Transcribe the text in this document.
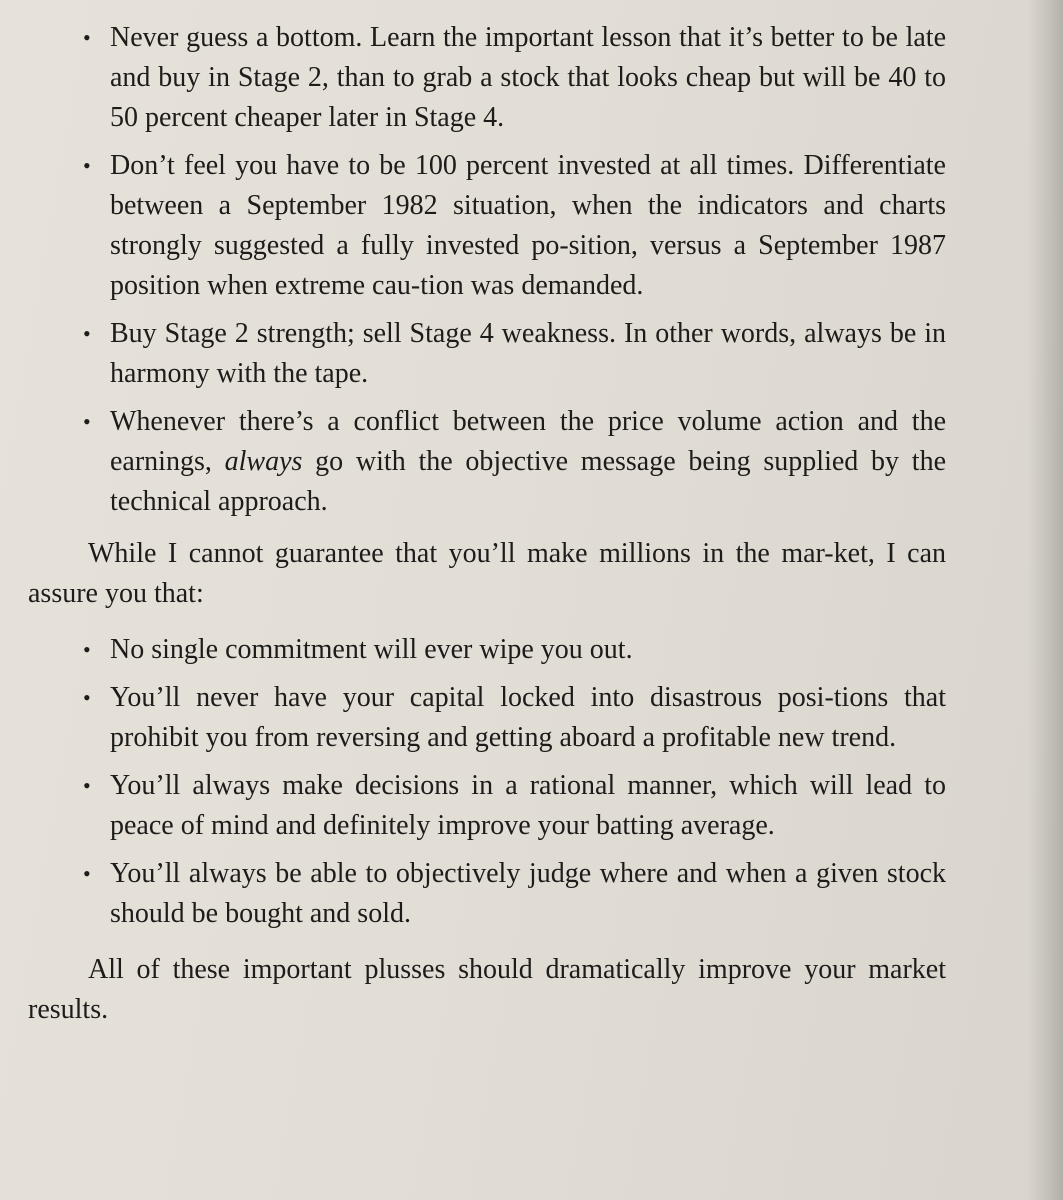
• Never guess a bottom. Learn the important lesson that it’s better to be late and buy in Stage 2, than to grab a stock that looks cheap but will be 40 to 50 percent cheaper later in Stage 4.
• Don’t feel you have to be 100 percent invested at all times. Differentiate between a September 1982 situation, when the indicators and charts strongly suggested a fully invested po-sition, versus a September 1987 position when extreme cau-tion was demanded.
• Buy Stage 2 strength; sell Stage 4 weakness. In other words, always be in harmony with the tape.
• Whenever there’s a conflict between the price volume action and the earnings, always go with the objective message being supplied by the technical approach.

While I cannot guarantee that you’ll make millions in the mar-ket, I can assure you that:

• No single commitment will ever wipe you out.
• You’ll never have your capital locked into disastrous posi-tions that prohibit you from reversing and getting aboard a profitable new trend.
• You’ll always make decisions in a rational manner, which will lead to peace of mind and definitely improve your batting average.
• You’ll always be able to objectively judge where and when a given stock should be bought and sold.

All of these important plusses should dramatically improve your market results.
